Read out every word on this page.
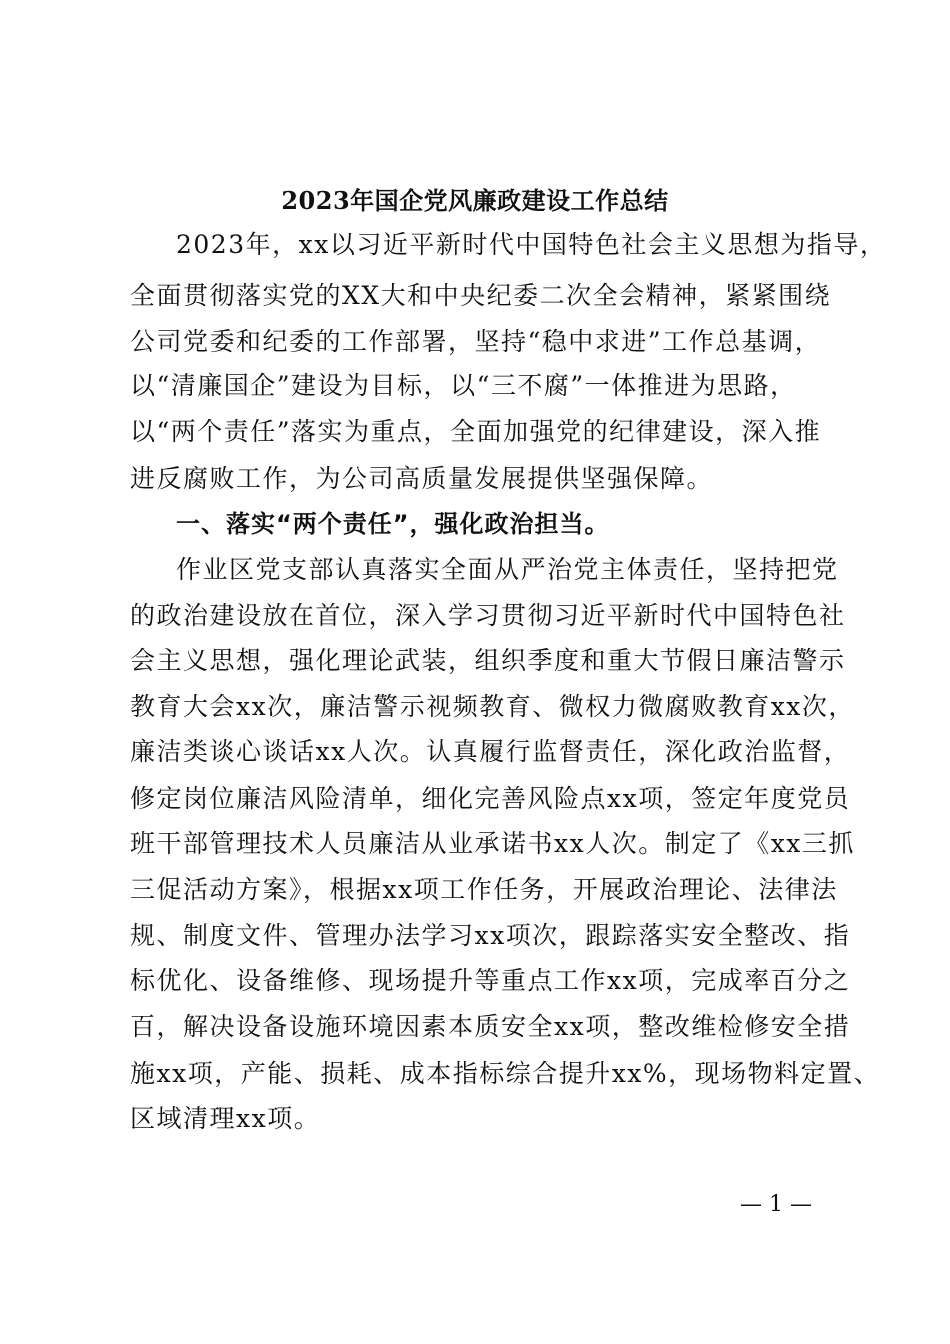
2023年国企党风廉政建设工作总结
2023年，xx以习近平新时代中国特色社会主义思想为指导，
全面贯彻落实党的XX大和中央纪委二次全会精神，紧紧围绕
公司党委和纪委的工作部署，坚持“稳中求进”工作总基调，
以“清廉国企”建设为目标，以“三不腐”一体推进为思路，
以“两个责任”落实为重点，全面加强党的纪律建设，深入推
进反腐败工作，为公司高质量发展提供坚强保障。
一、落实“两个责任”，强化政治担当。
作业区党支部认真落实全面从严治党主体责任，坚持把党
的政治建设放在首位，深入学习贯彻习近平新时代中国特色社
会主义思想，强化理论武装，组织季度和重大节假日廉洁警示
教育大会xx次，廉洁警示视频教育、微权力微腐败教育xx次，
廉洁类谈心谈话xx人次。认真履行监督责任，深化政治监督，
修定岗位廉洁风险清单，细化完善风险点xx项，签定年度党员
班干部管理技术人员廉洁从业承诺书xx人次。制定了《xx三抓
三促活动方案》，根据xx项工作任务，开展政治理论、法律法
规、制度文件、管理办法学习xx项次，跟踪落实安全整改、指
标优化、设备维修、现场提升等重点工作xx项，完成率百分之
百，解决设备设施环境因素本质安全xx项，整改维检修安全措
施xx项，产能、损耗、成本指标综合提升xx%，现场物料定置、
区域清理xx项。
— 1 —
